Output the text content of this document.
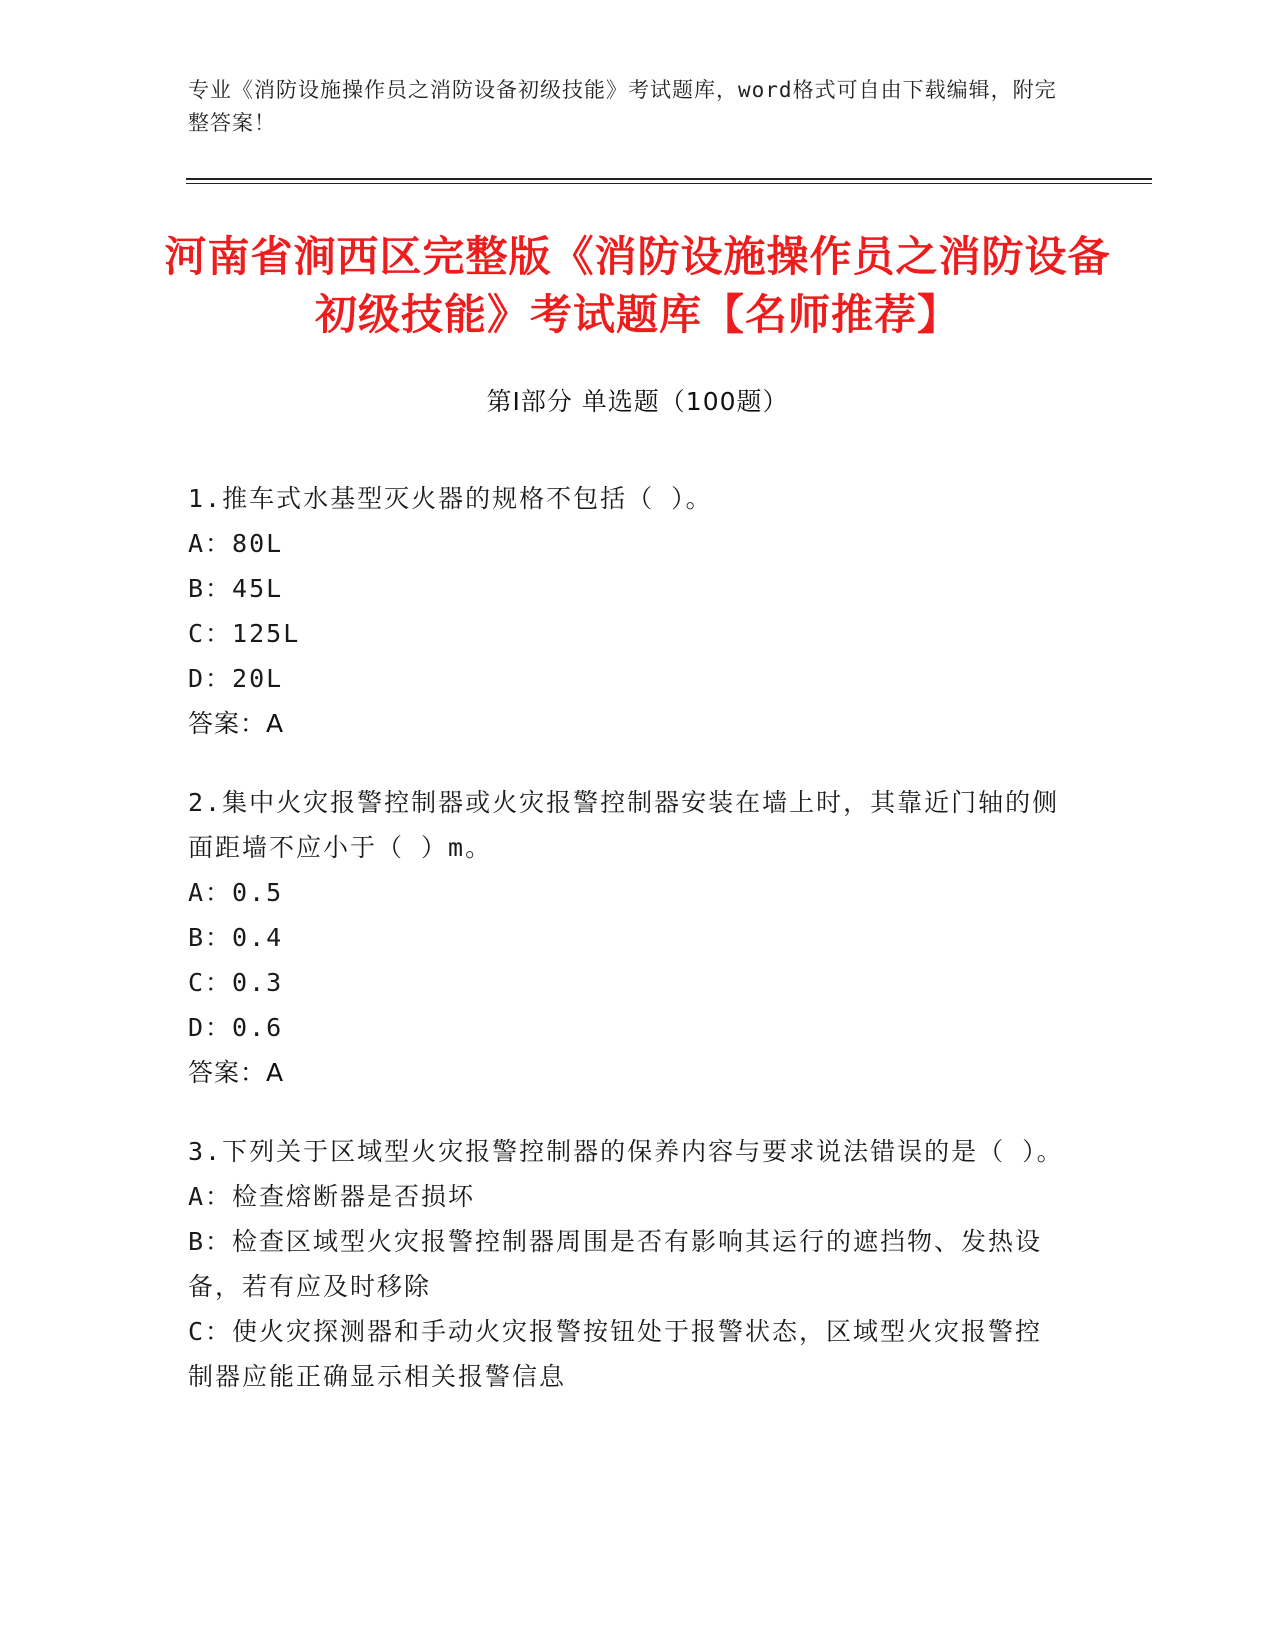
专业《消防设施操作员之消防设备初级技能》考试题库，word格式可自由下载编辑，附完整答案！
河南省涧西区完整版《消防设施操作员之消防设备初级技能》考试题库【名师推荐】
第Ⅰ部分 单选题（100题）

1.推车式水基型灭火器的规格不包括（ ）。

A：80L

B：45L

C：125L

D：20L

答案：A

2.集中火灾报警控制器或火灾报警控制器安装在墙上时，其靠近门轴的侧面距墙不应小于（ ）m。

A：0.5

B：0.4

C：0.3

D：0.6

答案：A

3.下列关于区域型火灾报警控制器的保养内容与要求说法错误的是（ ）。

A：检查熔断器是否损坏

B：检查区域型火灾报警控制器周围是否有影响其运行的遮挡物、发热设备，若有应及时移除

C：使火灾探测器和手动火灾报警按钮处于报警状态，区域型火灾报警控制器应能正确显示相关报警信息
